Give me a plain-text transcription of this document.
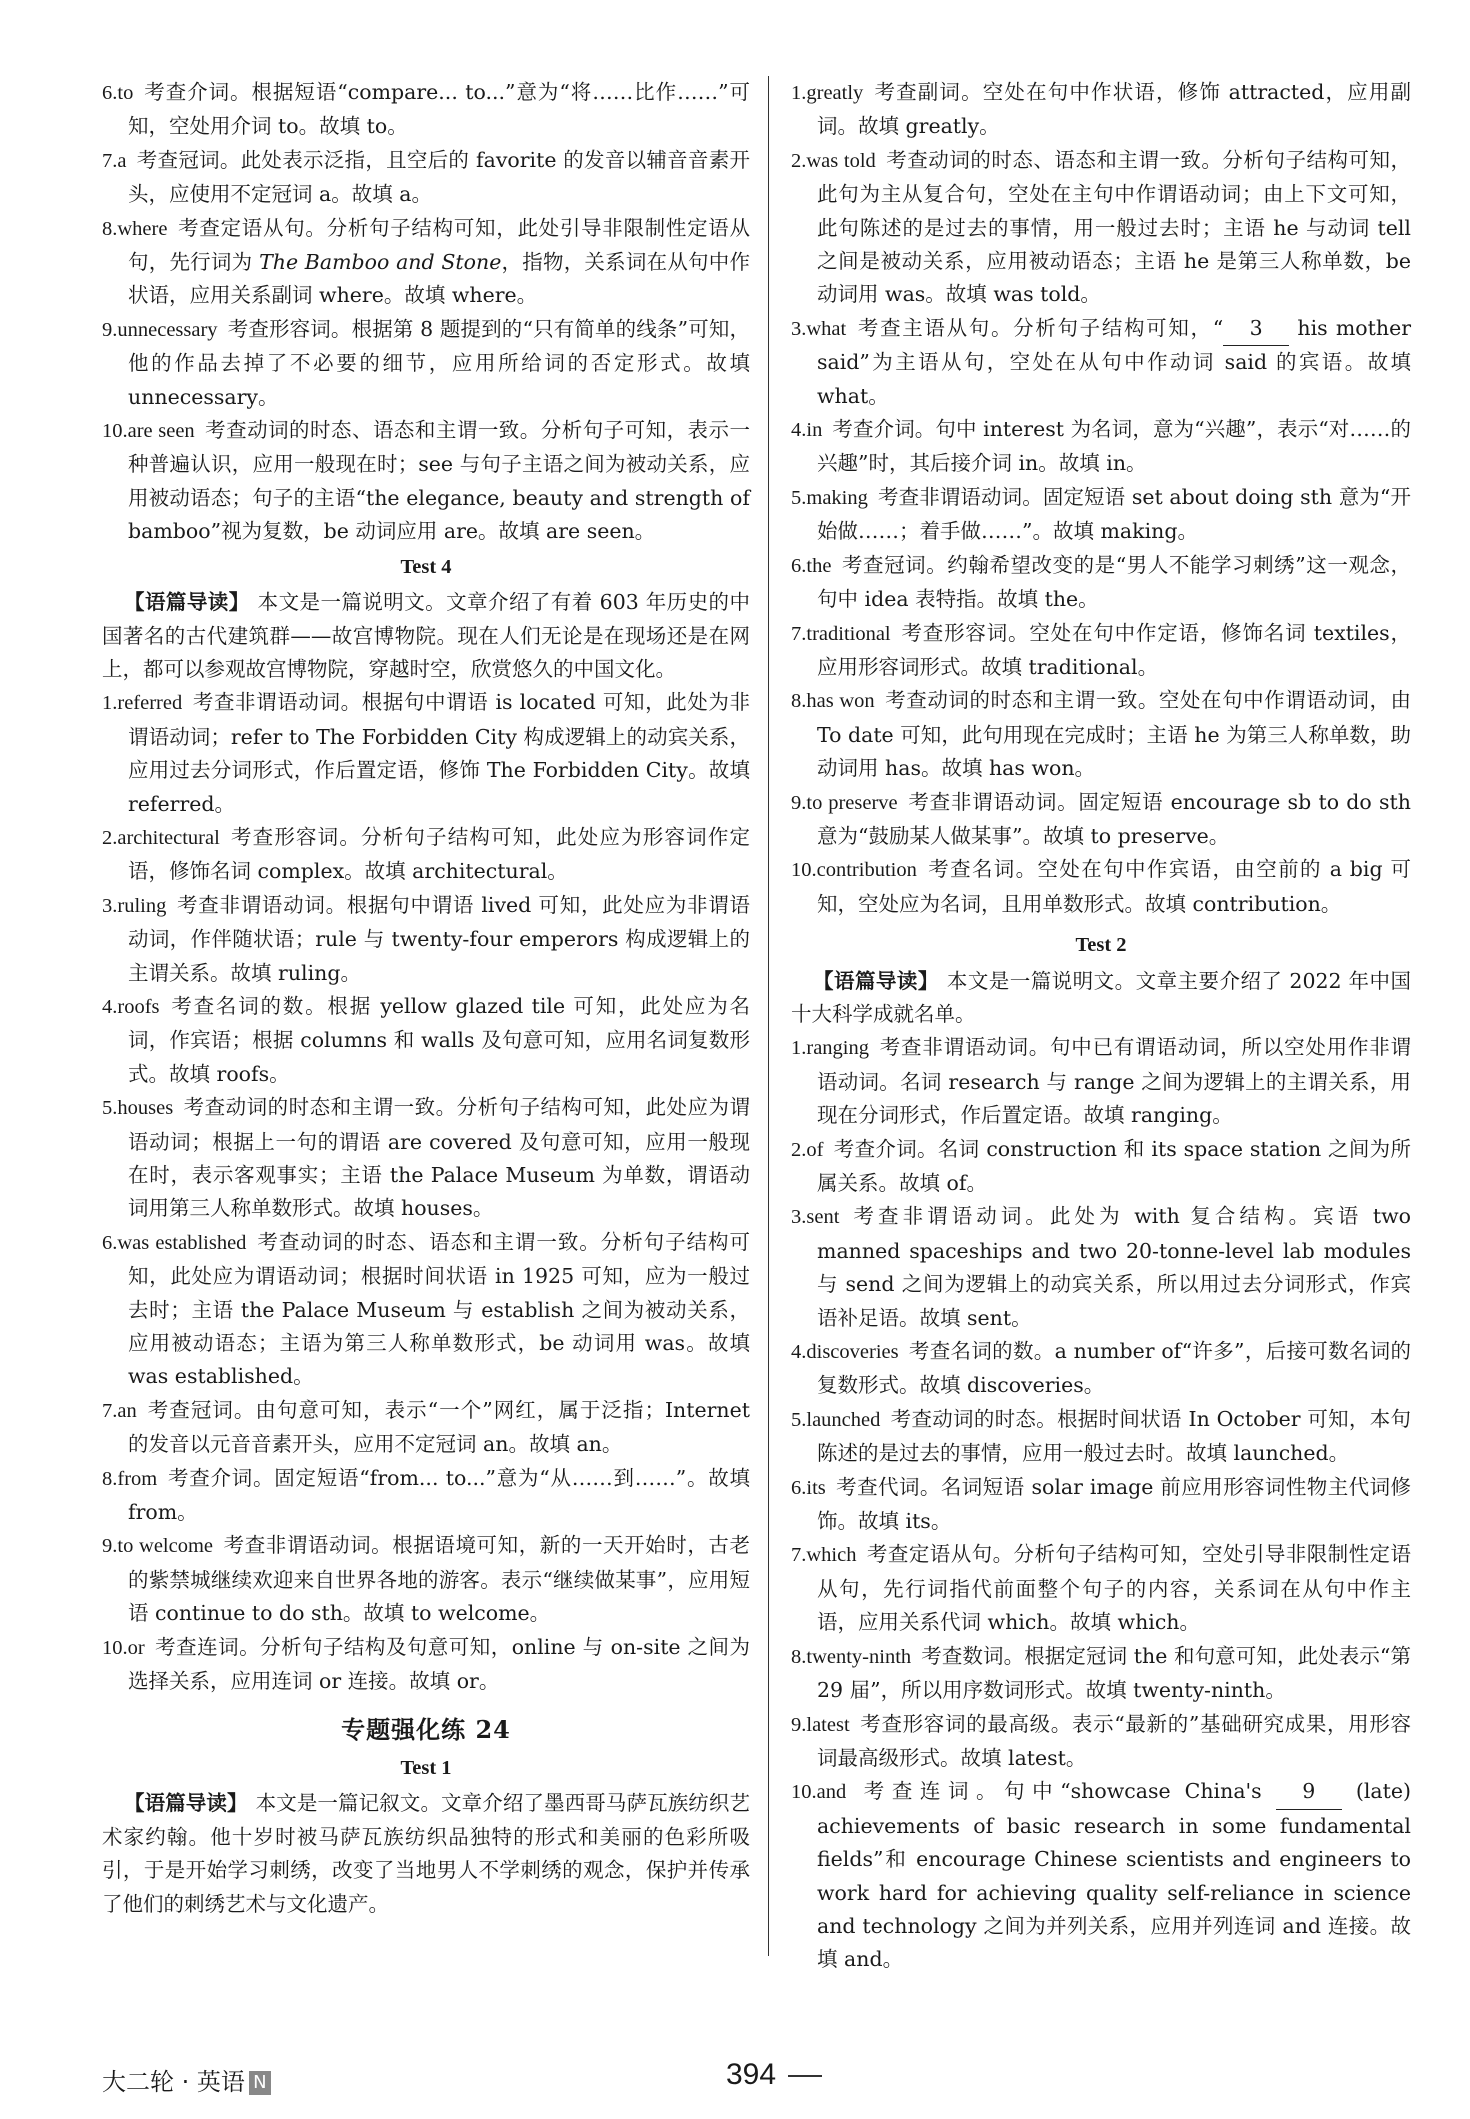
6.to 考查介词。根据短语“compare... to...”意为“将……比作……”可知，空处用介词 to。故填 to。

7.a 考查冠词。此处表示泛指，且空后的 favorite 的发音以辅音音素开头，应使用不定冠词 a。故填 a。

8.where 考查定语从句。分析句子结构可知，此处引导非限制性定语从句，先行词为 The Bamboo and Stone，指物，关系词在从句中作状语，应用关系副词 where。故填 where。

9.unnecessary 考查形容词。根据第 8 题提到的“只有简单的线条”可知，他的作品去掉了不必要的细节，应用所给词的否定形式。故填 unnecessary。

10.are seen 考查动词的时态、语态和主谓一致。分析句子可知，表示一种普遍认识，应用一般现在时；see 与句子主语之间为被动关系，应用被动语态；句子的主语“the elegance, beauty and strength of bamboo”视为复数，be 动词应用 are。故填 are seen。

Test 4

【语篇导读】 本文是一篇说明文。文章介绍了有着 603 年历史的中国著名的古代建筑群——故宫博物院。现在人们无论是在现场还是在网上，都可以参观故宫博物院，穿越时空，欣赏悠久的中国文化。

1.referred 考查非谓语动词。根据句中谓语 is located 可知，此处为非谓语动词；refer to The Forbidden City 构成逻辑上的动宾关系，应用过去分词形式，作后置定语，修饰 The Forbidden City。故填 referred。

2.architectural 考查形容词。分析句子结构可知，此处应为形容词作定语，修饰名词 complex。故填 architectural。

3.ruling 考查非谓语动词。根据句中谓语 lived 可知，此处应为非谓语动词，作伴随状语；rule 与 twenty-four emperors 构成逻辑上的主谓关系。故填 ruling。

4.roofs 考查名词的数。根据 yellow glazed tile 可知，此处应为名词，作宾语；根据 columns 和 walls 及句意可知，应用名词复数形式。故填 roofs。

5.houses 考查动词的时态和主谓一致。分析句子结构可知，此处应为谓语动词；根据上一句的谓语 are covered 及句意可知，应用一般现在时，表示客观事实；主语 the Palace Museum 为单数，谓语动词用第三人称单数形式。故填 houses。

6.was established 考查动词的时态、语态和主谓一致。分析句子结构可知，此处应为谓语动词；根据时间状语 in 1925 可知，应为一般过去时；主语 the Palace Museum 与 establish 之间为被动关系，应用被动语态；主语为第三人称单数形式，be 动词用 was。故填 was established。

7.an 考查冠词。由句意可知，表示“一个”网红，属于泛指；Internet 的发音以元音音素开头，应用不定冠词 an。故填 an。

8.from 考查介词。固定短语“from... to...”意为“从……到……”。故填 from。

9.to welcome 考查非谓语动词。根据语境可知，新的一天开始时，古老的紫禁城继续欢迎来自世界各地的游客。表示“继续做某事”，应用短语 continue to do sth。故填 to welcome。

10.or 考查连词。分析句子结构及句意可知，online 与 on-site 之间为选择关系，应用连词 or 连接。故填 or。

专题强化练 24
Test 1

【语篇导读】 本文是一篇记叙文。文章介绍了墨西哥马萨瓦族纺织艺术家约翰。他十岁时被马萨瓦族纺织品独特的形式和美丽的色彩所吸引，于是开始学习刺绣，改变了当地男人不学刺绣的观念，保护并传承了他们的刺绣艺术与文化遗产。

1.greatly 考查副词。空处在句中作状语，修饰 attracted，应用副词。故填 greatly。

2.was told 考查动词的时态、语态和主谓一致。分析句子结构可知，此句为主从复合句，空处在主句中作谓语动词；由上下文可知，此句陈述的是过去的事情，用一般过去时；主语 he 与动词 tell 之间是被动关系，应用被动语态；主语 he 是第三人称单数，be 动词用 was。故填 was told。

3.what 考查主语从句。分析句子结构可知，“ 3 his mother said”为主语从句，空处在从句中作动词 said 的宾语。故填 what。

4.in 考查介词。句中 interest 为名词，意为“兴趣”，表示“对……的兴趣”时，其后接介词 in。故填 in。

5.making 考查非谓语动词。固定短语 set about doing sth 意为“开始做……；着手做……”。故填 making。

6.the 考查冠词。约翰希望改变的是“男人不能学习刺绣”这一观念，句中 idea 表特指。故填 the。

7.traditional 考查形容词。空处在句中作定语，修饰名词 textiles，应用形容词形式。故填 traditional。

8.has won 考查动词的时态和主谓一致。空处在句中作谓语动词，由 To date 可知，此句用现在完成时；主语 he 为第三人称单数，助动词用 has。故填 has won。

9.to preserve 考查非谓语动词。固定短语 encourage sb to do sth 意为“鼓励某人做某事”。故填 to preserve。

10.contribution 考查名词。空处在句中作宾语，由空前的 a big 可知，空处应为名词，且用单数形式。故填 contribution。

Test 2

【语篇导读】 本文是一篇说明文。文章主要介绍了 2022 年中国十大科学成就名单。

1.ranging 考查非谓语动词。句中已有谓语动词，所以空处用作非谓语动词。名词 research 与 range 之间为逻辑上的主谓关系，用现在分词形式，作后置定语。故填 ranging。

2.of 考查介词。名词 construction 和 its space station 之间为所属关系。故填 of。

3.sent 考查非谓语动词。此处为 with 复合结构。宾语 two manned spaceships and two 20-tonne-level lab modules 与 send 之间为逻辑上的动宾关系，所以用过去分词形式，作宾语补足语。故填 sent。

4.discoveries 考查名词的数。a number of“许多”，后接可数名词的复数形式。故填 discoveries。

5.launched 考查动词的时态。根据时间状语 In October 可知，本句陈述的是过去的事情，应用一般过去时。故填 launched。

6.its 考查代词。名词短语 solar image 前应用形容词性物主代词修饰。故填 its。

7.which 考查定语从句。分析句子结构可知，空处引导非限制性定语从句，先行词指代前面整个句子的内容，关系词在从句中作主语，应用关系代词 which。故填 which。

8.twenty-ninth 考查数词。根据定冠词 the 和句意可知，此处表示“第 29 届”，所以用序数词形式。故填 twenty-ninth。

9.latest 考查形容词的最高级。表示“最新的”基础研究成果，用形容词最高级形式。故填 latest。

10.and 考查连词。句中“showcase China's 9 (late) achievements of basic research in some fundamental fields”和 encourage Chinese scientists and engineers to work hard for achieving quality self-reliance in science and technology 之间为并列关系，应用并列连词 and 连接。故填 and。

大二轮 · 英语 N	394
